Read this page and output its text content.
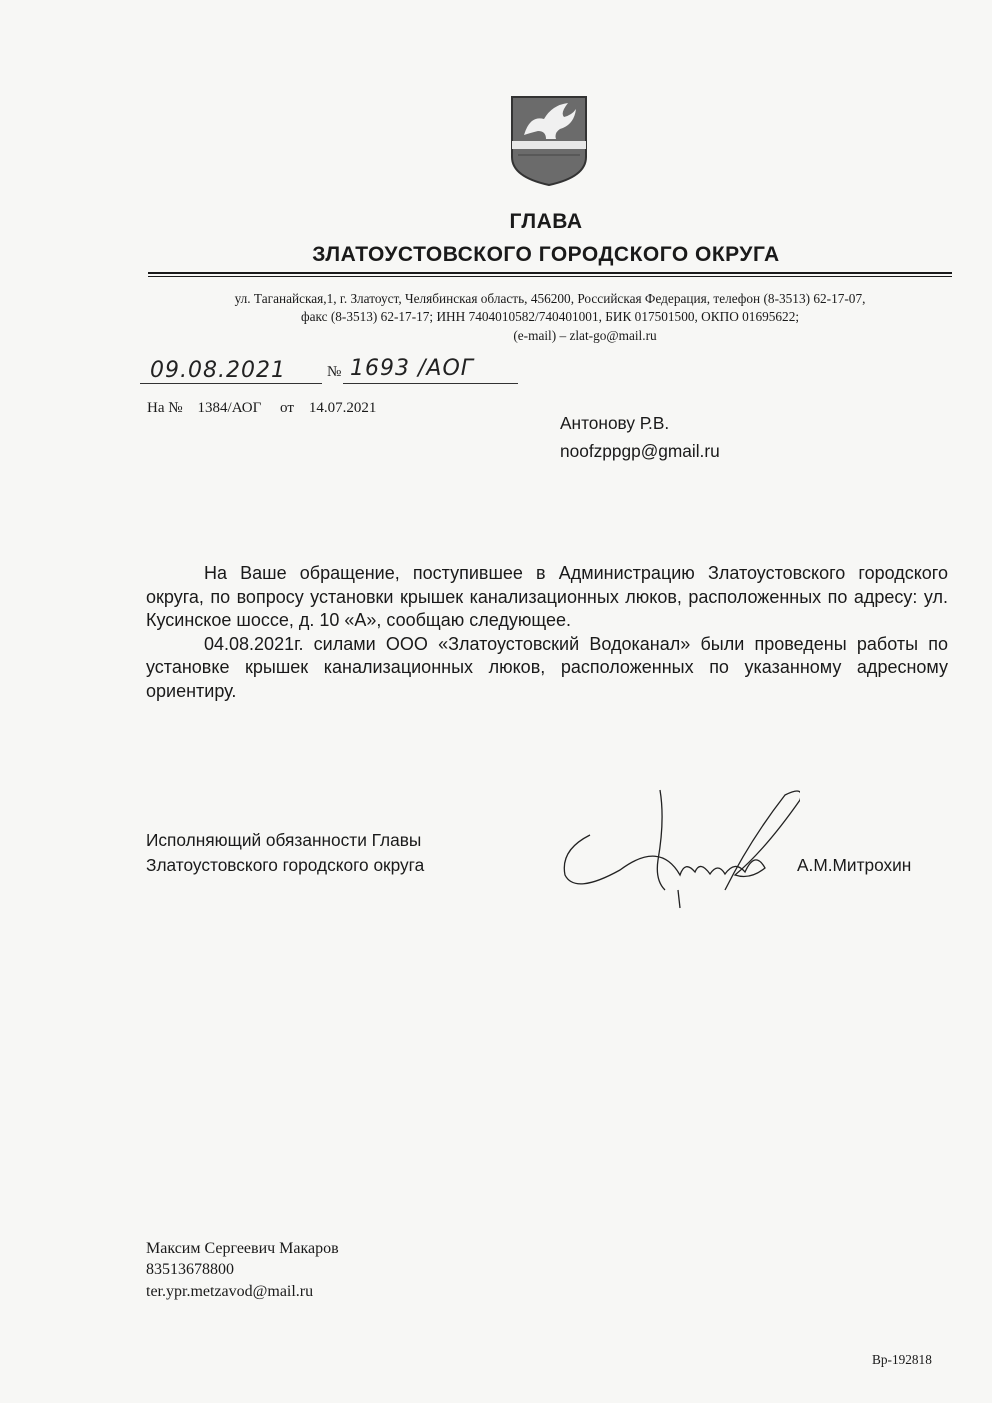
ГЛАВА
ЗЛАТОУСТОВСКОГО ГОРОДСКОГО ОКРУГА
ул. Таганайская,1, г. Златоуст, Челябинская область, 456200, Российская Федерация, телефон (8-3513) 62-17-07,
факс (8-3513) 62-17-17; ИНН 7404010582/740401001, БИК 017501500, ОКПО 01695622;
(e-mail) – zlat-go@mail.ru
09.08.2021	№ 1693 /АОГ
На №    1384/АОГ     от    14.07.2021
Антонову Р.В.
noofzppgp@gmail.ru

На Ваше обращение, поступившее в Администрацию Златоустовского городского округа, по вопросу установки крышек канализационных люков, расположенных по адресу: ул. Кусинское шоссе, д. 10 «А», сообщаю следующее.

04.08.2021г. силами ООО «Златоустовский Водоканал» были проведены работы по установке крышек канализационных люков, расположенных по указанному адресному ориентиру.

Исполняющий обязанности Главы
Златоустовского городского округа	А.М.Митрохин
Максим Сергеевич Макаров
83513678800
ter.ypr.metzavod@mail.ru
Вр-192818
